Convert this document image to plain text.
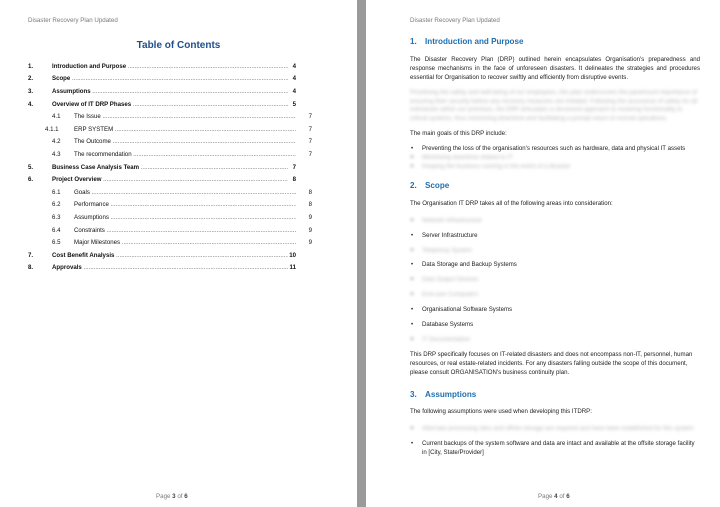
Disaster Recovery Plan Updated
Table of Contents
1.	Introduction and Purpose .....	4
2.	Scope .....	4
3.	Assumptions .....	4
4.	Overview of IT DRP Phases .....	5
4.1 The Issue .....	7
4.1.1	ERP SYSTEM .....	7
4.2 The Outcome .....	7
4.3 The recommendation .....	7
5.	Business Case Analysis Team .....	7
6.	Project Overview .....	8
6.1 Goals .....	8
6.2 Performance .....	8
6.3 Assumptions .....	9
6.4 Constraints .....	9
6.5 Major Milestones .....	9
7.	Cost Benefit Analysis .....	10
8.	Approvals .....	11
Page 3 of 6
Disaster Recovery Plan Updated
1.	Introduction and Purpose
The Disaster Recovery Plan (DRP) outlined herein encapsulates Organisation's preparedness and response mechanisms in the face of unforeseen disasters. It delineates the strategies and procedures essential for Organisation to recover swiftly and efficiently from disruptive events.
Prioritising the safety and well-being of our employees, this plan underscores the paramount importance of ensuring their security before any recovery measures are initiated. Following the assurance of safety for all individuals within our premises, the DRP articulates a structured approach to restoring functionality to critical systems, thus minimising downtime and facilitating a prompt return to normal operations.
The main goals of this DRP include:
• Preventing the loss of the organisation's resources such as hardware, data and physical IT assets
• Minimising downtime related to IT
• Keeping the business running in the event of a disaster
2.	Scope
The Organisation IT DRP takes all of the following areas into consideration:
• Network Infrastructure
• Server Infrastructure
• Telephony System
• Data Storage and Backup Systems
• Data Output Devices
• End-user Computers
• Organisational Software Systems
• Database Systems
• IT Documentation
This DRP specifically focuses on IT-related disasters and does not encompass non-IT, personnel, human resources, or real estate-related incidents. For any disasters falling outside the scope of this document, please consult ORGANISATION's business continuity plan.
3.	Assumptions
The following assumptions were used when developing this ITDRP:
• Alternate processing sites and offsite storage are required and have been established for this system
• Current backups of the system software and data are intact and available at the offsite storage facility in [City, State/Provider]
Page 4 of 6
